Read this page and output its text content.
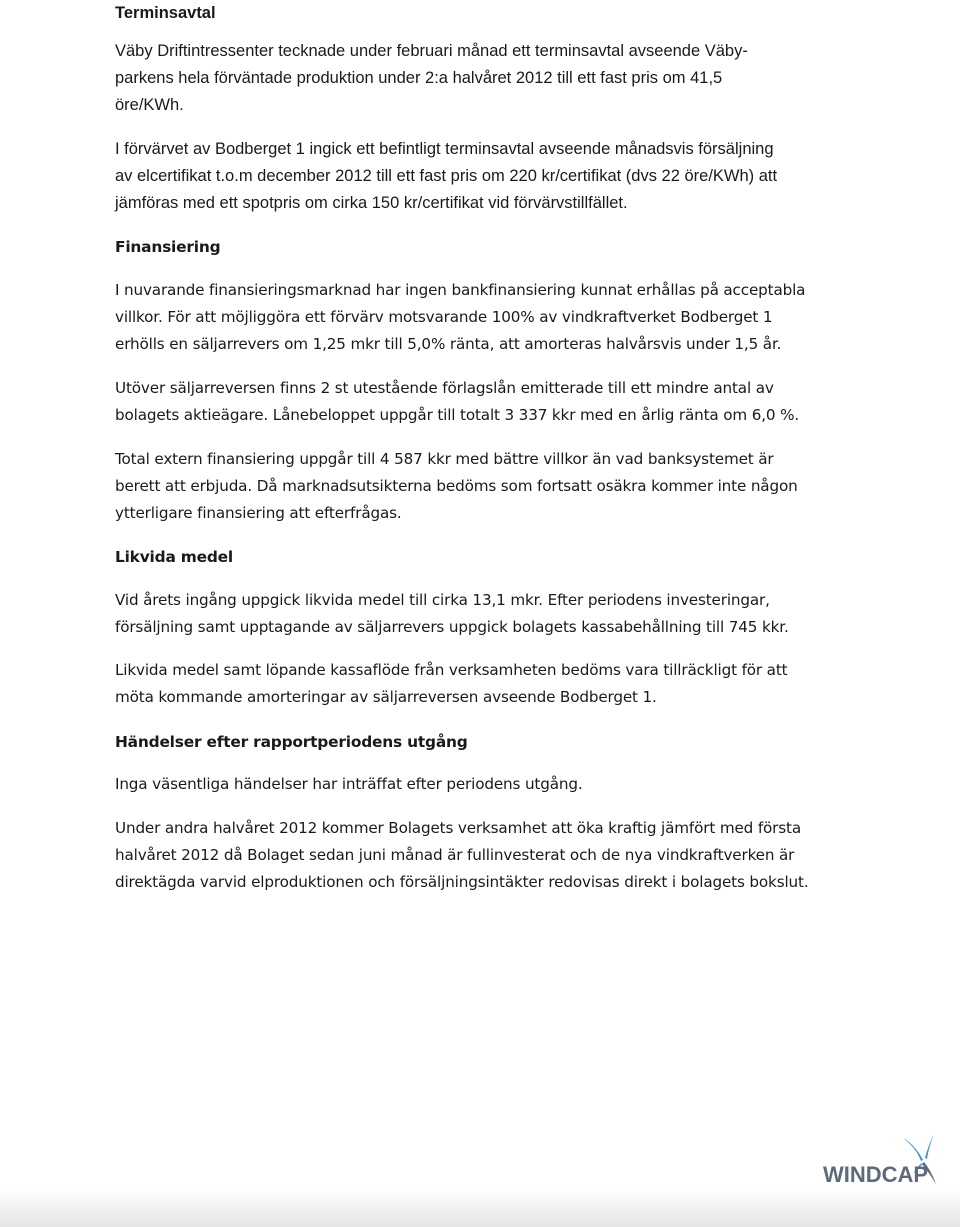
Terminsavtal

Väby Driftintressenter tecknade under februari månad ett terminsavtal avseende Väby-

parkens hela förväntade produktion under 2:a halvåret 2012 till ett fast pris om 41,5

öre/KWh.

I förvärvet av Bodberget 1 ingick ett befintligt terminsavtal avseende månadsvis försäljning

av elcertifikat t.o.m december 2012 till ett fast pris om 220 kr/certifikat (dvs 22 öre/KWh) att

jämföras med ett spotpris om cirka 150 kr/certifikat vid förvärvstillfället.

Finansiering

I nuvarande finansieringsmarknad har ingen bankfinansiering kunnat erhållas på acceptabla

villkor. För att möjliggöra ett förvärv motsvarande 100% av vindkraftverket Bodberget 1

erhölls en säljarrevers om 1,25 mkr till 5,0% ränta, att amorteras halvårsvis under 1,5 år.

Utöver säljarreversen finns 2 st utestående förlagslån emitterade till ett mindre antal av

bolagets aktieägare. Lånebeloppet uppgår till totalt 3 337 kkr med en årlig ränta om 6,0 %.

Total extern finansiering uppgår till 4 587 kkr med bättre villkor än vad banksystemet är

berett att erbjuda. Då marknadsutsikterna bedöms som fortsatt osäkra kommer inte någon

ytterligare finansiering att efterfrågas.

Likvida medel

Vid årets ingång uppgick likvida medel till cirka 13,1 mkr. Efter periodens investeringar,

försäljning samt upptagande av säljarrevers uppgick bolagets kassabehållning till 745 kkr.

Likvida medel samt löpande kassaflöde från verksamheten bedöms vara tillräckligt för att

möta kommande amorteringar av säljarreversen avseende Bodberget 1.

Händelser efter rapportperiodens utgång

Inga väsentliga händelser har inträffat efter periodens utgång.

Under andra halvåret 2012 kommer Bolagets verksamhet att öka kraftig jämfört med första

halvåret 2012 då Bolaget sedan juni månad är fullinvesterat och de nya vindkraftverken är

direktägda varvid elproduktionen och försäljningsintäkter redovisas direkt i bolagets bokslut.

WINDCAP
